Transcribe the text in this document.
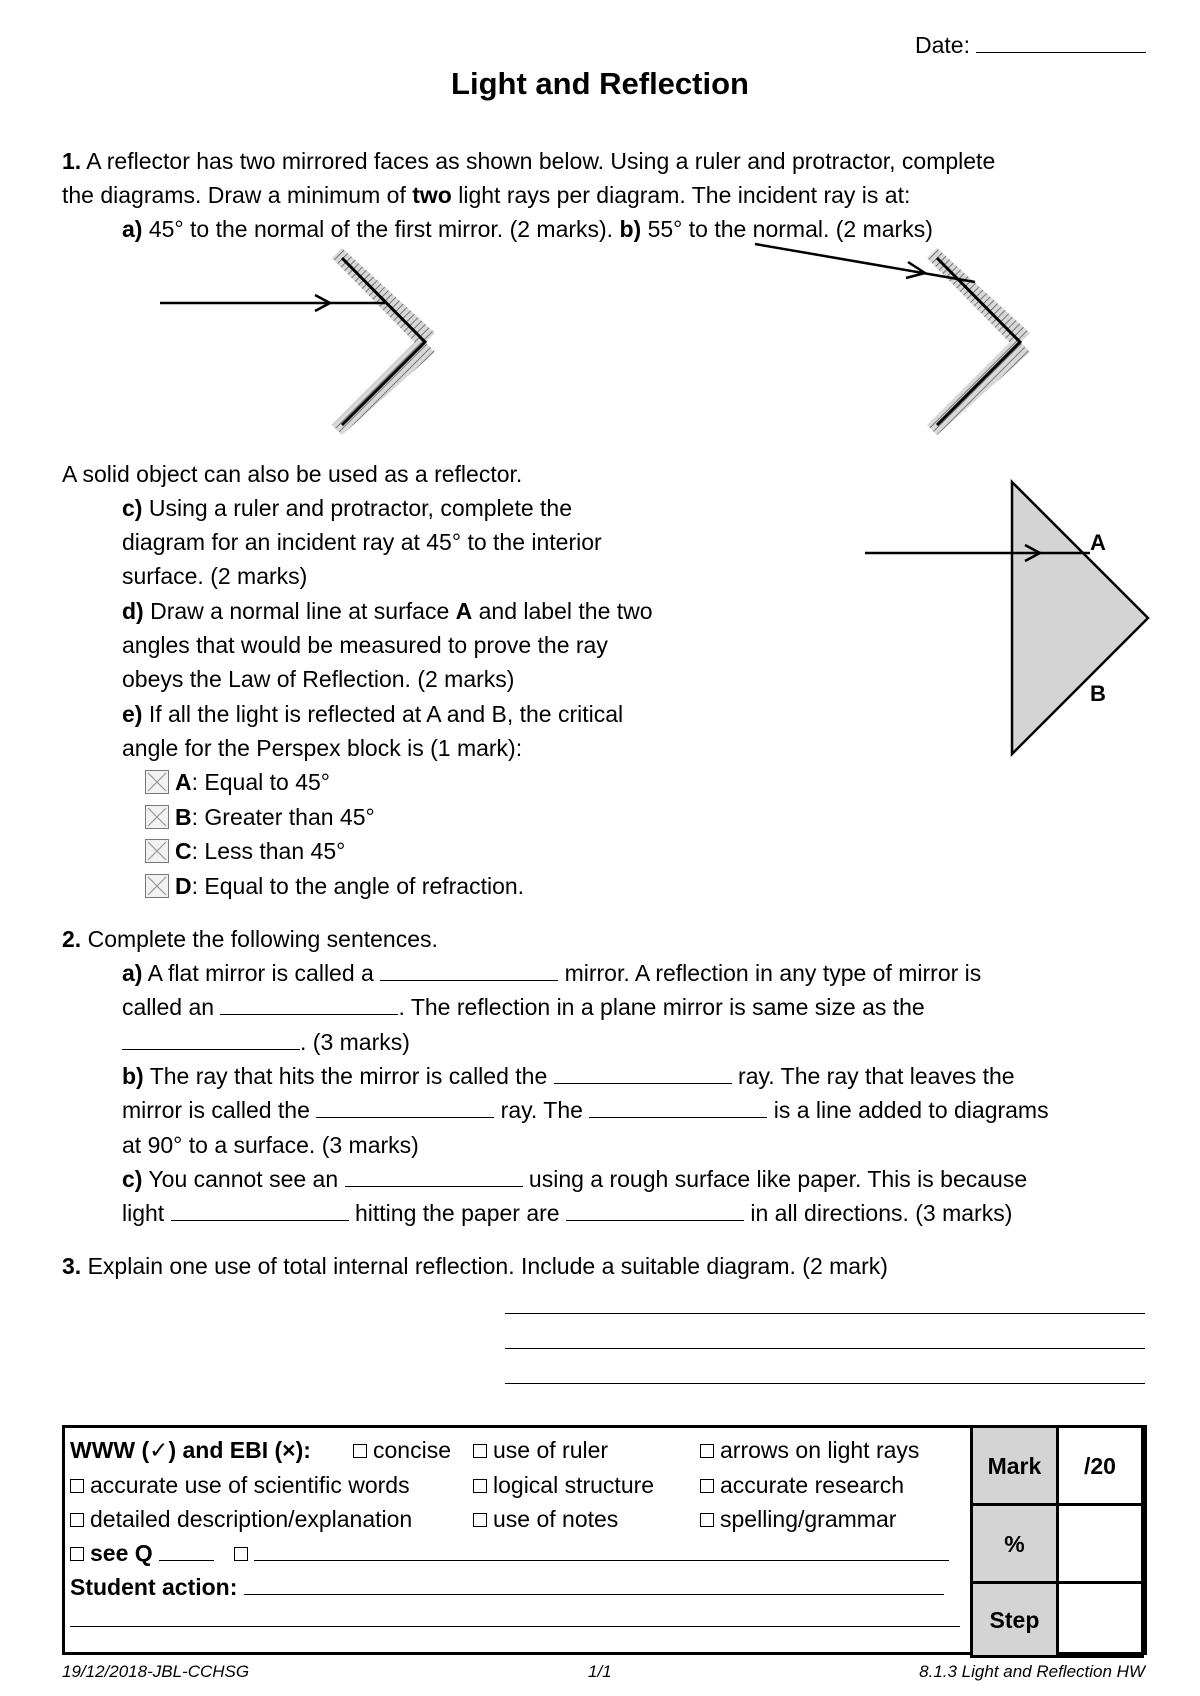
Date:
Light and Reflection
1. A reflector has two mirrored faces as shown below. Using a ruler and protractor, complete
the diagrams. Draw a minimum of two light rays per diagram. The incident ray is at:
a) 45° to the normal of the first mirror. (2 marks). b) 55° to the normal. (2 marks)
A solid object can also be used as a reflector.
c) Using a ruler and protractor, complete the
diagram for an incident ray at 45° to the interior
surface. (2 marks)
d) Draw a normal line at surface A and label the two
angles that would be measured to prove the ray
obeys the Law of Reflection. (2 marks)
e) If all the light is reflected at A and B, the critical
angle for the Perspex block is (1 mark):
A: Equal to 45°
B: Greater than 45°
C: Less than 45°
D: Equal to the angle of refraction.
A
B
2. Complete the following sentences.
a) A flat mirror is called a	mirror. A reflection in any type of mirror is
called an	. The reflection in a plane mirror is same size as the
. (3 marks)
b) The ray that hits the mirror is called the	ray. The ray that leaves the
mirror is called the	ray. The	is a line added to diagrams
at 90° to a surface. (3 marks)
c) You cannot see an	using a rough surface like paper. This is because
light	hitting the paper are	in all directions. (3 marks)
3. Explain one use of total internal reflection. Include a suitable diagram. (2 mark)
WWW (✓) and EBI (×):	concise	use of ruler	arrows on light rays
accurate use of scientific words	logical structure	accurate research
detailed description/explanation	use of notes	spelling/grammar
see Q
Student action:
Mark	/20
%	
Step	
19/12/2018-JBL-CCHSG	1/1	8.1.3 Light and Reflection HW
